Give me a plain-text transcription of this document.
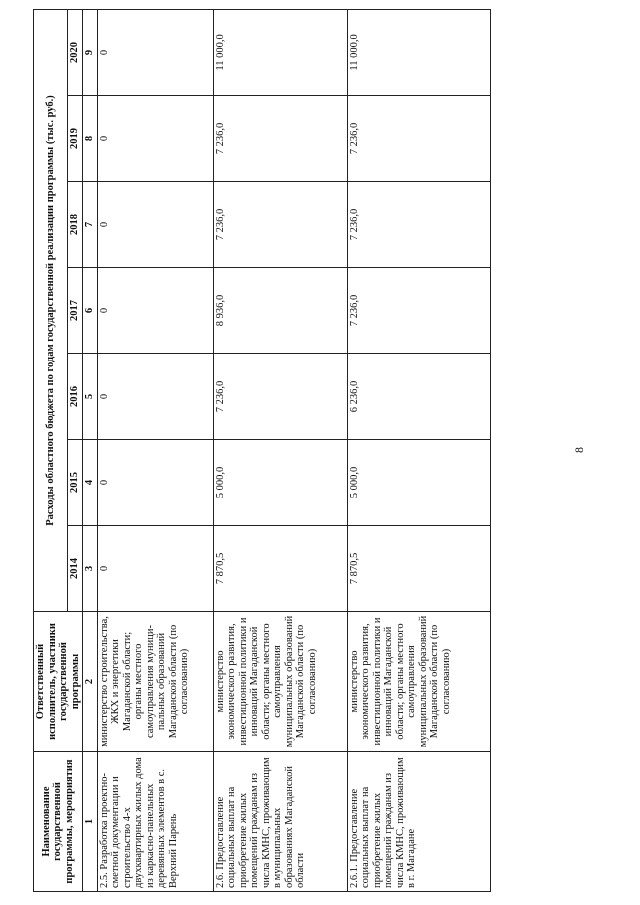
8
Наименование государственной программы, мероприятия	Ответственный исполнитель, участники государственной программы	Расходы областного бюджета по годам государственной реализации программы (тыс. руб.)						
		2014	2015	2016	2017	2018	2019	2020
1	2	3	4	5	6	7	8	9
2.5. Разработка проектно-сметной документации и строительство 4-х двухквартирных жилых дома из каркасно-панельных деревянных элементов в с. Верхний Парень	министерство строительства, ЖКХ и энергетики Магаданской области; органы местного самоуправления муници-пальных образований Магаданской области (по согласованию)	0	0	0	0	0	0	0
2.6. Предоставление социальных выплат на приобретение жилых помещений гражданам из числа КМНС, проживающим в муниципальных образованиях Магаданской области	министерство экономического развития, инвестиционной политики и инноваций Магаданской области; органы местного самоуправления муниципальных образований Магаданской области (по согласованию)	7 870,5	5 000,0	7 236,0	8 936,0	7 236,0	7 236,0	11 000,0
2.6.1. Предоставление социальных выплат на приобретение жилых помещений гражданам из числа КМНС, проживающим в г. Магадане	министерство экономического развития, инвестиционной политики и инноваций Магаданской области; органы местного самоуправления муниципальных образований Магаданской области (по согласованию)	7 870,5	5 000,0	6 236,0	7 236,0	7 236,0	7 236,0	11 000,0
